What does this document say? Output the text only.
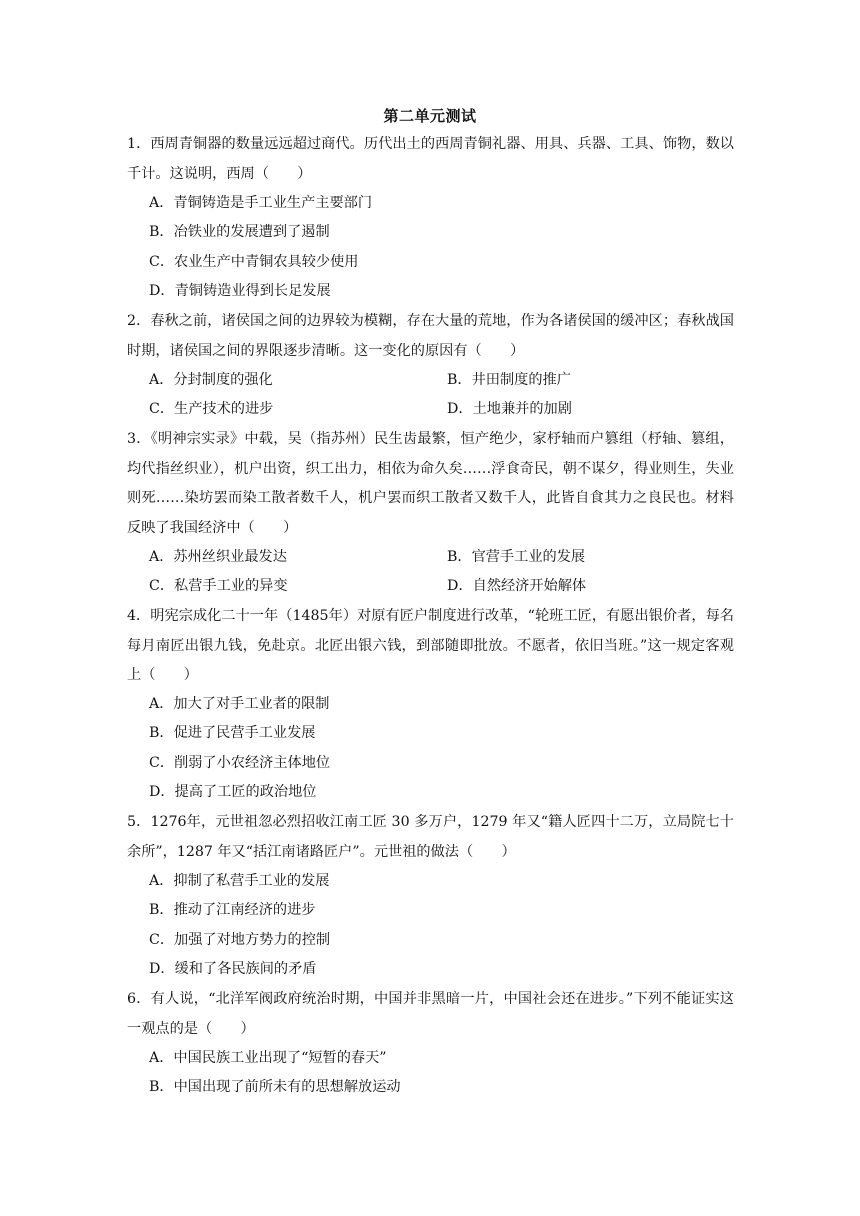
第二单元测试
1．西周青铜器的数量远远超过商代。历代出土的西周青铜礼器、用具、兵器、工具、饰物，数以千计。这说明，西周（　　）
A．青铜铸造是手工业生产主要部门
B．冶铁业的发展遭到了遏制
C．农业生产中青铜农具较少使用
D．青铜铸造业得到长足发展
2．春秋之前，诸侯国之间的边界较为模糊，存在大量的荒地，作为各诸侯国的缓冲区；春秋战国时期，诸侯国之间的界限逐步清晰。这一变化的原因有（　　）
A．分封制度的强化	B．井田制度的推广
C．生产技术的进步	D．土地兼并的加剧
3．《明神宗实录》中载，吴（指苏州）民生齿最繁，恒产绝少，家杼轴而户篡组（杼轴、篡组，均代指丝织业），机户出资，织工出力，相依为命久矣……浮食奇民，朝不谋夕，得业则生，失业则死……染坊罢而染工散者数千人，机户罢而织工散者又数千人，此皆自食其力之良民也。材料反映了我国经济中（　　）
A．苏州丝织业最发达	B．官营手工业的发展
C．私营手工业的异变	D．自然经济开始解体
4．明宪宗成化二十一年（1485年）对原有匠户制度进行改革，“轮班工匠，有愿出银价者，每名每月南匠出银九钱，免赴京。北匠出银六钱，到部随即批放。不愿者，依旧当班。”这一规定客观上（　　）
A．加大了对手工业者的限制
B．促进了民营手工业发展
C．削弱了小农经济主体地位
D．提高了工匠的政治地位
5．1276年，元世祖忽必烈招收江南工匠 30 多万户，1279 年又“籍人匠四十二万，立局院七十余所”，1287 年又“括江南诸路匠户”。元世祖的做法（　　）
A．抑制了私营手工业的发展
B．推动了江南经济的进步
C．加强了对地方势力的控制
D．缓和了各民族间的矛盾
6．有人说，“北洋军阀政府统治时期，中国并非黑暗一片，中国社会还在进步。”下列不能证实这一观点的是（　　）
A．中国民族工业出现了“短暂的春天”
B．中国出现了前所未有的思想解放运动
